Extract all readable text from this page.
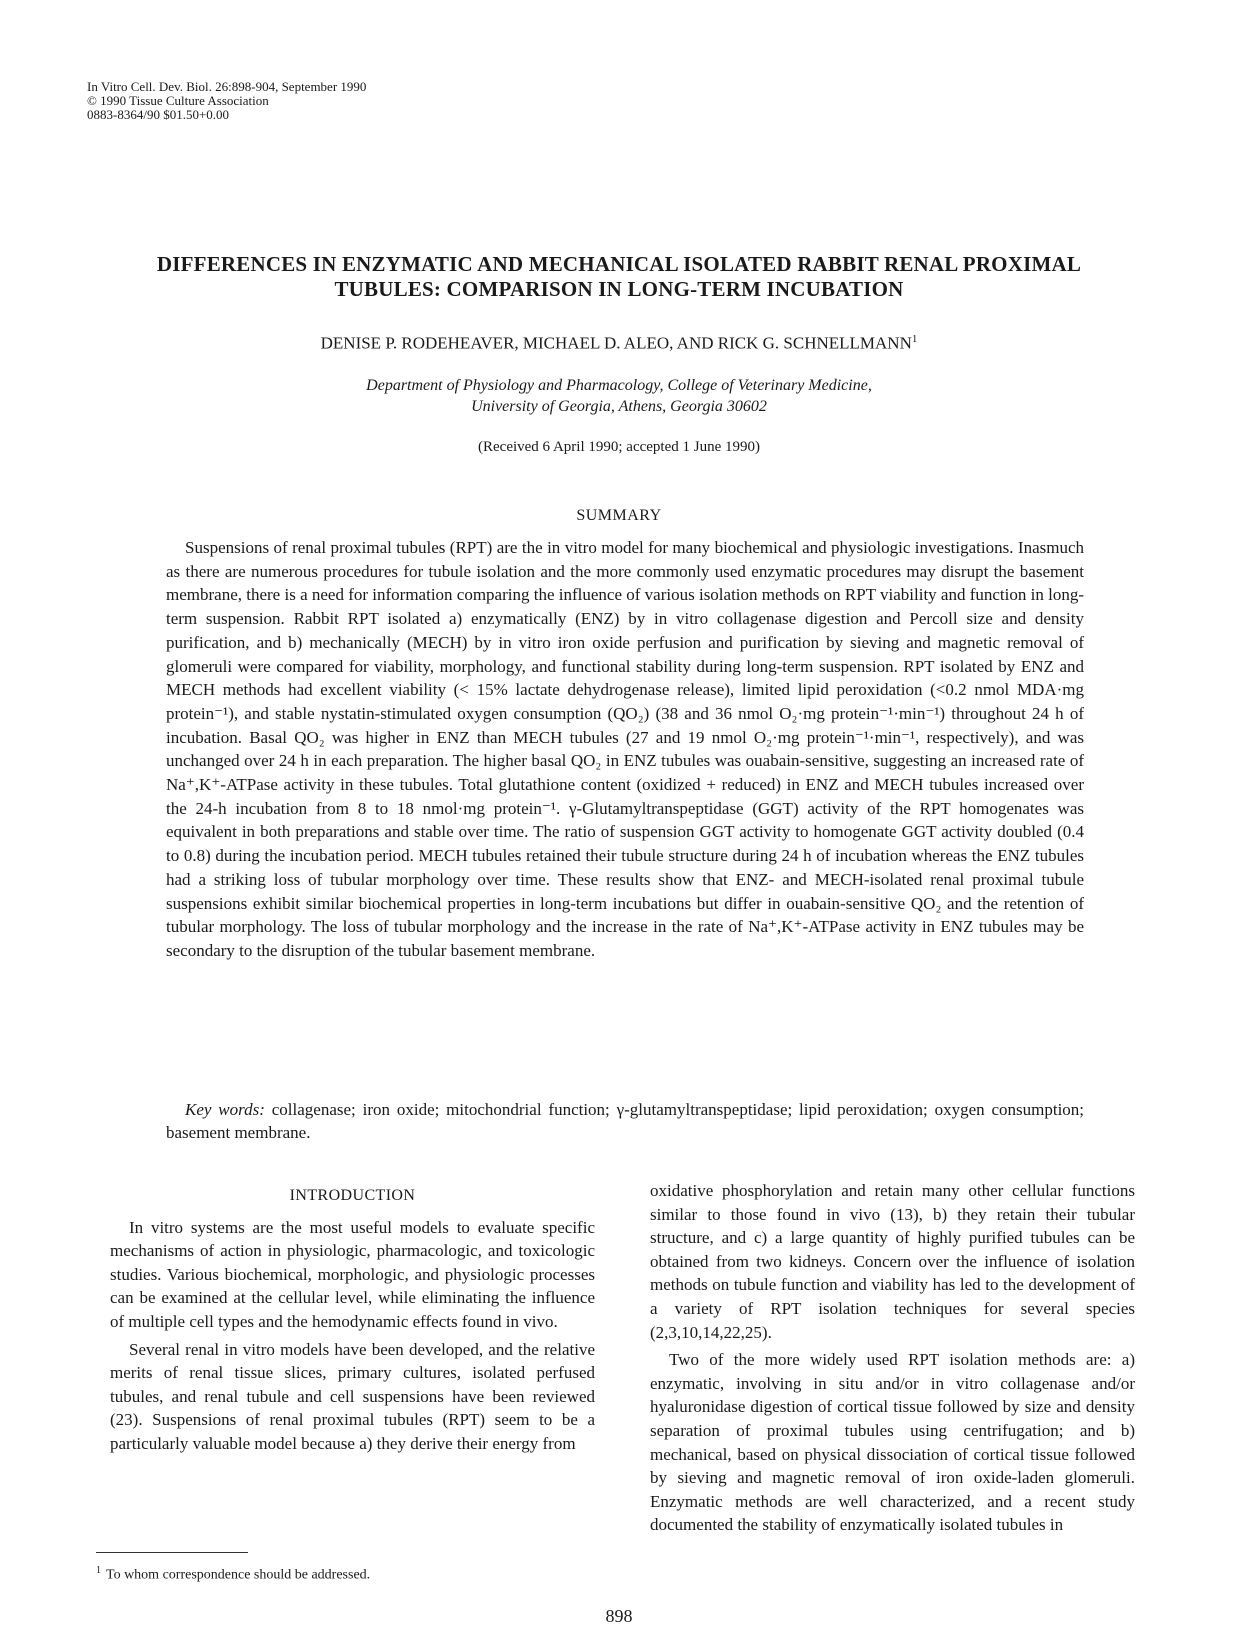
In Vitro Cell. Dev. Biol. 26:898-904, September 1990
© 1990 Tissue Culture Association
0883-8364/90 $01.50+0.00
DIFFERENCES IN ENZYMATIC AND MECHANICAL ISOLATED RABBIT RENAL PROXIMAL TUBULES: COMPARISON IN LONG-TERM INCUBATION
DENISE P. RODEHEAVER, MICHAEL D. ALEO, AND RICK G. SCHNELLMANN$^1$
Department of Physiology and Pharmacology, College of Veterinary Medicine,
University of Georgia, Athens, Georgia 30602
(Received 6 April 1990; accepted 1 June 1990)
SUMMARY
Suspensions of renal proximal tubules (RPT) are the in vitro model for many biochemical and physiologic investigations. Inasmuch as there are numerous procedures for tubule isolation and the more commonly used enzymatic procedures may disrupt the basement membrane, there is a need for information comparing the influence of various isolation methods on RPT viability and function in long-term suspension. Rabbit RPT isolated a) enzymatically (ENZ) by in vitro collagenase digestion and Percoll size and density purification, and b) mechanically (MECH) by in vitro iron oxide perfusion and purification by sieving and magnetic removal of glomeruli were compared for viability, morphology, and functional stability during long-term suspension. RPT isolated by ENZ and MECH methods had excellent viability (< 15% lactate dehydrogenase release), limited lipid peroxidation (<0.2 nmol MDA·mg protein⁻¹), and stable nystatin-stimulated oxygen consumption (QO₂) (38 and 36 nmol O₂·mg protein⁻¹·min⁻¹) throughout 24 h of incubation. Basal QO₂ was higher in ENZ than MECH tubules (27 and 19 nmol O₂·mg protein⁻¹·min⁻¹, respectively), and was unchanged over 24 h in each preparation. The higher basal QO₂ in ENZ tubules was ouabain-sensitive, suggesting an increased rate of Na⁺,K⁺-ATPase activity in these tubules. Total glutathione content (oxidized + reduced) in ENZ and MECH tubules increased over the 24-h incubation from 8 to 18 nmol·mg protein⁻¹. γ-Glutamyltranspeptidase (GGT) activity of the RPT homogenates was equivalent in both preparations and stable over time. The ratio of suspension GGT activity to homogenate GGT activity doubled (0.4 to 0.8) during the incubation period. MECH tubules retained their tubule structure during 24 h of incubation whereas the ENZ tubules had a striking loss of tubular morphology over time. These results show that ENZ- and MECH-isolated renal proximal tubule suspensions exhibit similar biochemical properties in long-term incubations but differ in ouabain-sensitive QO₂ and the retention of tubular morphology. The loss of tubular morphology and the increase in the rate of Na⁺,K⁺-ATPase activity in ENZ tubules may be secondary to the disruption of the tubular basement membrane.
Key words: collagenase; iron oxide; mitochondrial function; γ-glutamyltranspeptidase; lipid peroxidation; oxygen consumption; basement membrane.
INTRODUCTION

In vitro systems are the most useful models to evaluate specific mechanisms of action in physiologic, pharmacologic, and toxicologic studies. Various biochemical, morphologic, and physiologic processes can be examined at the cellular level, while eliminating the influence of multiple cell types and the hemodynamic effects found in vivo.

Several renal in vitro models have been developed, and the relative merits of renal tissue slices, primary cultures, isolated perfused tubules, and renal tubule and cell suspensions have been reviewed (23). Suspensions of renal proximal tubules (RPT) seem to be a particularly valuable model because a) they derive their energy from

oxidative phosphorylation and retain many other cellular functions similar to those found in vivo (13), b) they retain their tubular structure, and c) a large quantity of highly purified tubules can be obtained from two kidneys. Concern over the influence of isolation methods on tubule function and viability has led to the development of a variety of RPT isolation techniques for several species (2,3,10,14,22,25).

Two of the more widely used RPT isolation methods are: a) enzymatic, involving in situ and/or in vitro collagenase and/or hyaluronidase digestion of cortical tissue followed by size and density separation of proximal tubules using centrifugation; and b) mechanical, based on physical dissociation of cortical tissue followed by sieving and magnetic removal of iron oxide-laden glomeruli. Enzymatic methods are well characterized, and a recent study documented the stability of enzymatically isolated tubules in

$^1$ To whom correspondence should be addressed.
898
